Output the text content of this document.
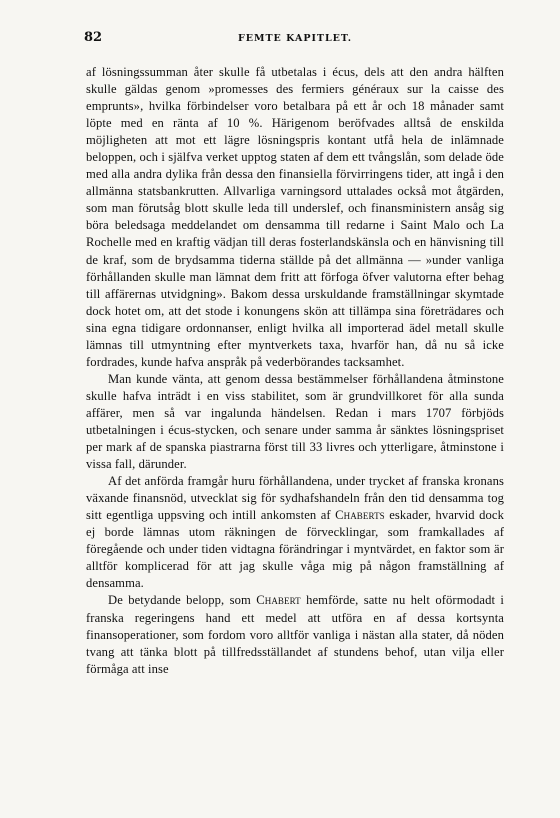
82	FEMTE KAPITLET.

af lösningssumman åter skulle få utbetalas i écus, dels att den andra hälften skulle gäldas genom »promesses des fermiers généraux sur la caisse des emprunts», hvilka förbindelser voro betalbara på ett år och 18 månader samt löpte med en ränta af 10 %. Härigenom beröfvades alltså de enskilda möjligheten att mot ett lägre lösningspris kontant utfå hela de inlämnade beloppen, och i själfva verket upptog staten af dem ett tvångslån, som delade öde med alla andra dylika från dessa den finansiella förvirringens tider, att ingå i den allmänna statsbankrutten. Allvarliga varningsord uttalades också mot åtgärden, som man förutsåg blott skulle leda till underslef, och finansministern ansåg sig böra beledsaga meddelandet om densamma till redarne i Saint Malo och La Rochelle med en kraftig vädjan till deras fosterlandskänsla och en hänvisning till de kraf, som de brydsamma tiderna ställde på det allmänna — »under vanliga förhållanden skulle man lämnat dem fritt att förfoga öfver valutorna efter behag till affärernas utvidgning». Bakom dessa urskuldande framställningar skymtade dock hotet om, att det stode i konungens skön att tillämpa sina företrädares och sina egna tidigare ordonnanser, enligt hvilka all importerad ädel metall skulle lämnas till utmyntning efter myntverkets taxa, hvarför han, då nu så icke fordrades, kunde hafva anspråk på vederbörandes tacksamhet.

Man kunde vänta, att genom dessa bestämmelser förhållandena åtminstone skulle hafva inträdt i en viss stabilitet, som är grundvillkoret för alla sunda affärer, men så var ingalunda händelsen. Redan i mars 1707 förbjöds utbetalningen i écus-stycken, och senare under samma år sänktes lösningspriset per mark af de spanska piastrarna först till 33 livres och ytterligare, åtminstone i vissa fall, därunder.

Af det anförda framgår huru förhållandena, under trycket af franska kronans växande finansnöd, utvecklat sig för sydhafshandeln från den tid densamma tog sitt egentliga uppsving och intill ankomsten af Chaberts eskader, hvarvid dock ej borde lämnas utom räkningen de förvecklingar, som framkallades af föregående och under tiden vidtagna förändringar i myntvärdet, en faktor som är alltför komplicerad för att jag skulle våga mig på någon framställning af densamma.

De betydande belopp, som Chabert hemförde, satte nu helt oförmodadt i franska regeringens hand ett medel att utföra en af dessa kortsynta finansoperationer, som fordom voro alltför vanliga i nästan alla stater, då nöden tvang att tänka blott på tillfredsställandet af stundens behof, utan vilja eller förmåga att inse
